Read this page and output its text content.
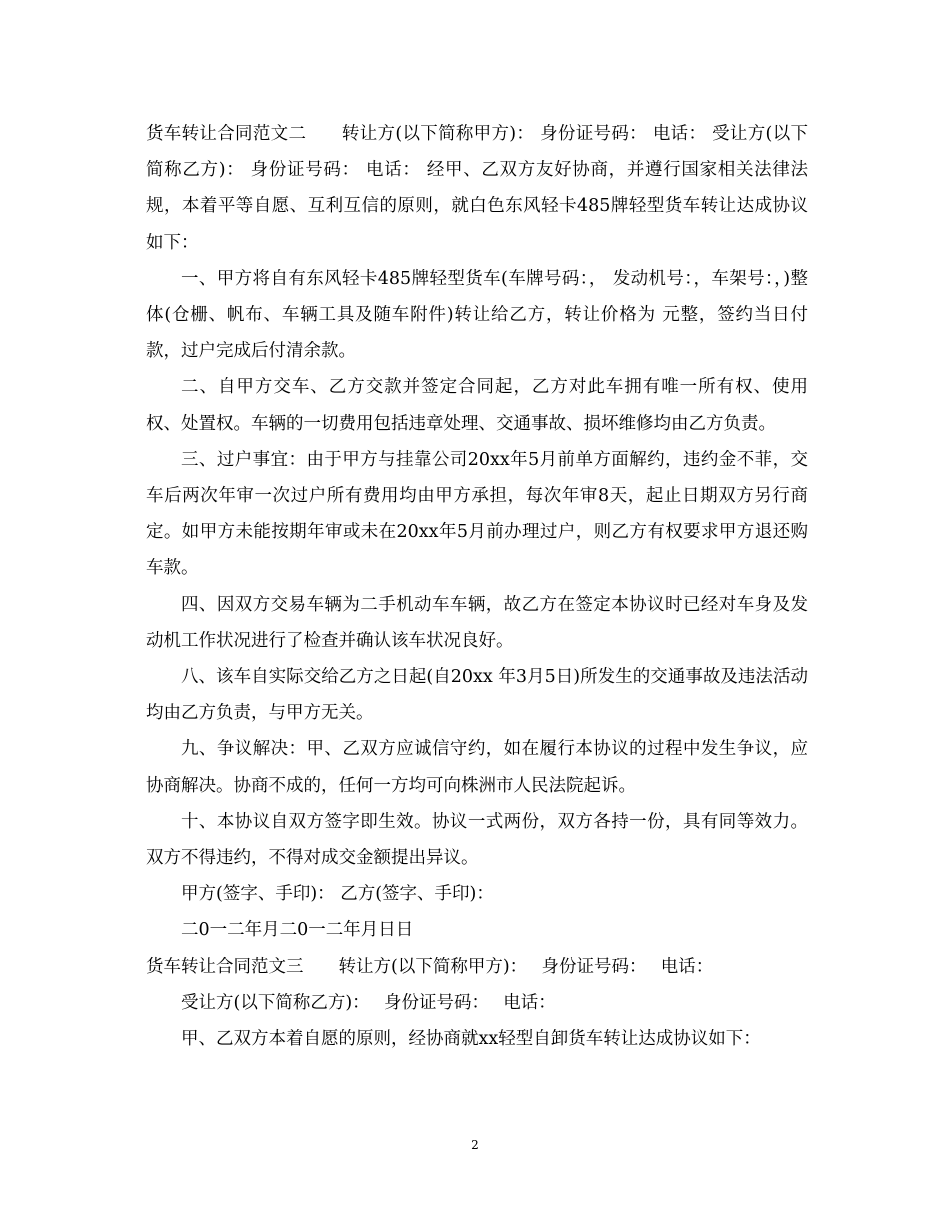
货车转让合同范文二　　转让方(以下简称甲方)： 身份证号码： 电话： 受让方(以下简称乙方)： 身份证号码： 电话： 经甲、乙双方友好协商，并遵行国家相关法律法规，本着平等自愿、互利互信的原则，就白色东风轻卡485牌轻型货车转让达成协议如下：

一、甲方将自有东风轻卡485牌轻型货车(车牌号码：， 发动机号：，车架号：，)整体(仓栅、帆布、车辆工具及随车附件)转让给乙方，转让价格为 元整，签约当日付款，过户完成后付清余款。

二、自甲方交车、乙方交款并签定合同起，乙方对此车拥有唯一所有权、使用权、处置权。车辆的一切费用包括违章处理、交通事故、损坏维修均由乙方负责。

三、过户事宜：由于甲方与挂靠公司20xx年5月前单方面解约，违约金不菲，交车后两次年审一次过户所有费用均由甲方承担，每次年审8天，起止日期双方另行商定。如甲方未能按期年审或未在20xx年5月前办理过户，则乙方有权要求甲方退还购车款。

四、因双方交易车辆为二手机动车车辆，故乙方在签定本协议时已经对车身及发动机工作状况进行了检查并确认该车状况良好。

八、该车自实际交给乙方之日起(自20xx 年3月5日)所发生的交通事故及违法活动均由乙方负责，与甲方无关。

九、争议解决：甲、乙双方应诚信守约，如在履行本协议的过程中发生争议，应协商解决。协商不成的，任何一方均可向株洲市人民法院起诉。

十、本协议自双方签字即生效。协议一式两份，双方各持一份，具有同等效力。双方不得违约，不得对成交金额提出异议。

甲方(签字、手印)： 乙方(签字、手印)：

二0一二年月二0一二年月日日

货车转让合同范文三　　转让方(以下简称甲方)：　 身份证号码：　 电话：

受让方(以下简称乙方)：　 身份证号码：　 电话：

甲、乙双方本着自愿的原则，经协商就xx轻型自卸货车转让达成协议如下：

2
